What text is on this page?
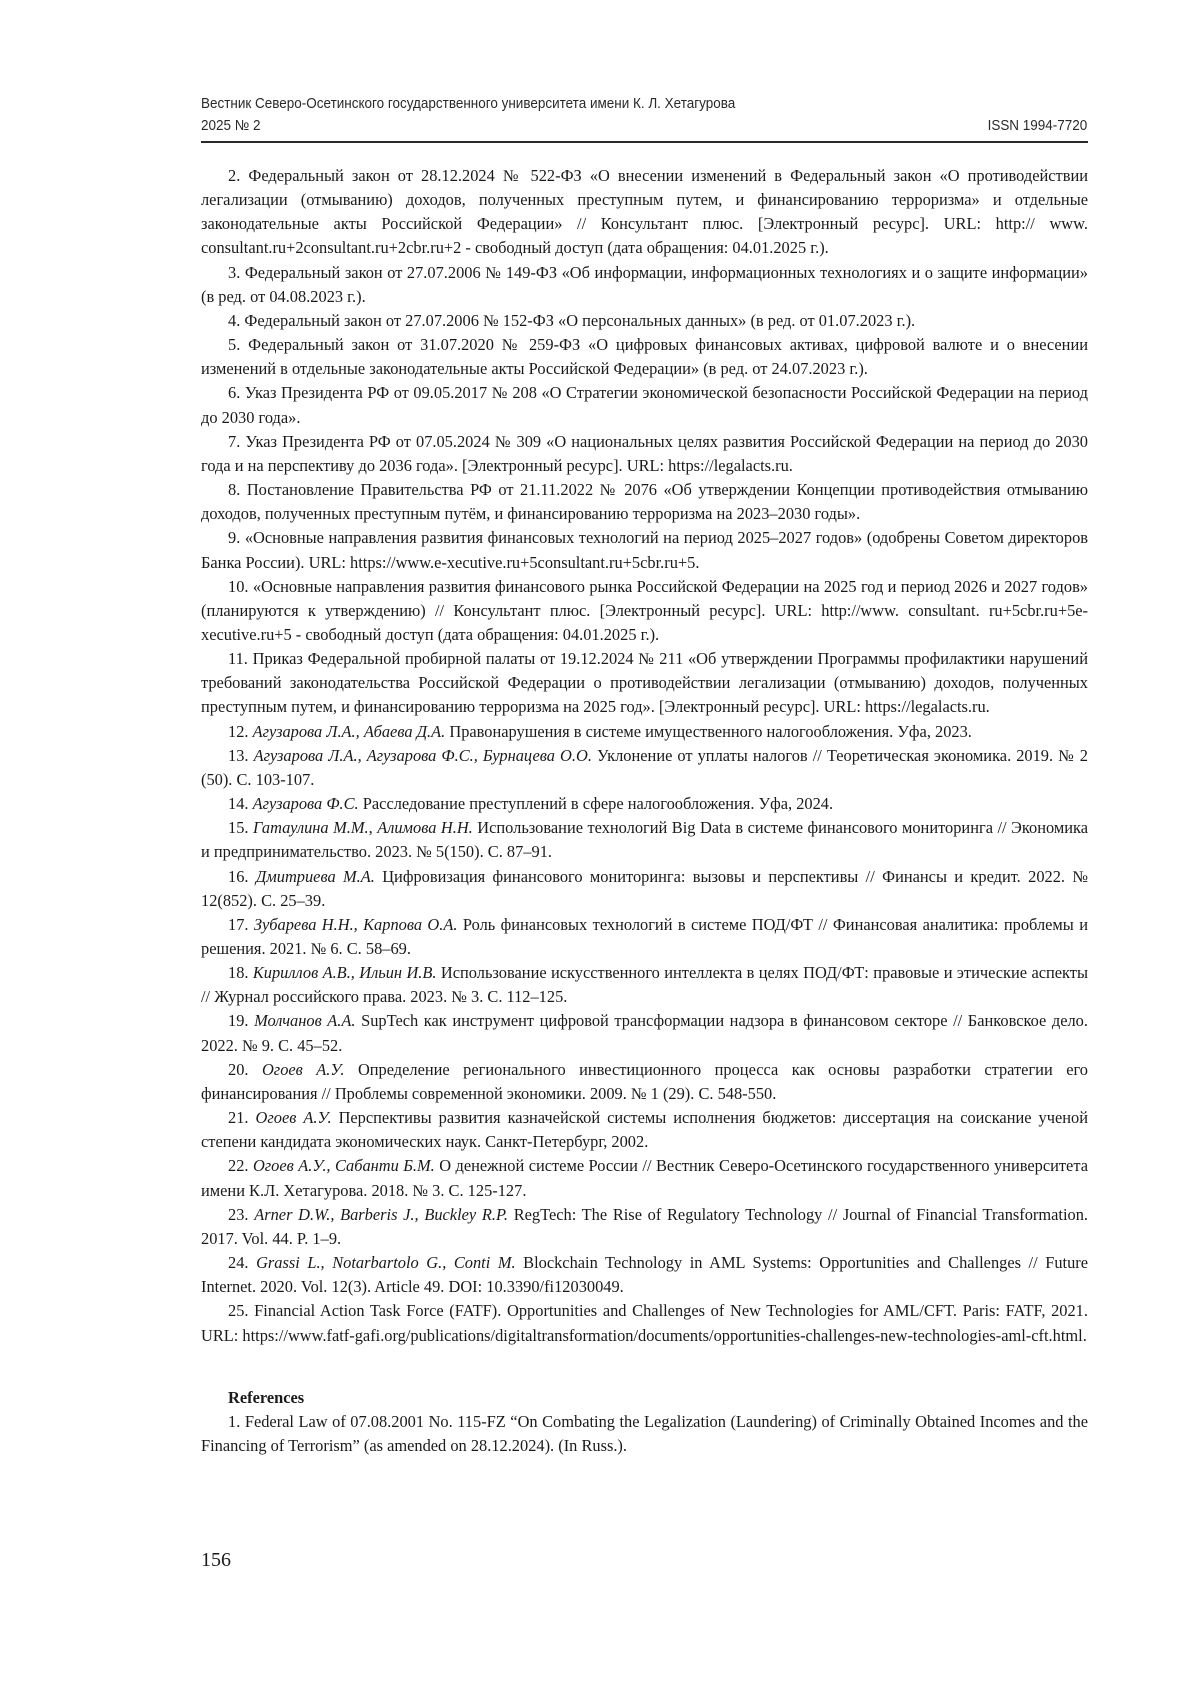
Вестник Северо-Осетинского государственного университета имени К. Л. Хетагурова
2025 № 2	ISSN 1994-7720

2. Федеральный закон от 28.12.2024 № 522-ФЗ «О внесении изменений в Федеральный закон «О противодействии легализации (отмыванию) доходов, полученных преступным путем, и финансированию терроризма» и отдельные законодательные акты Российской Федерации» // Консультант плюс. [Электронный ресурс]. URL: http:// www. consultant.ru+2consultant.ru+2cbr.ru+2 - свободный доступ (дата обращения: 04.01.2025 г.).

3. Федеральный закон от 27.07.2006 № 149-ФЗ «Об информации, информационных технологиях и о защите информации» (в ред. от 04.08.2023 г.).

4. Федеральный закон от 27.07.2006 № 152-ФЗ «О персональных данных» (в ред. от 01.07.2023 г.).

5. Федеральный закон от 31.07.2020 № 259-ФЗ «О цифровых финансовых активах, цифровой валюте и о внесении изменений в отдельные законодательные акты Российской Федерации» (в ред. от 24.07.2023 г.).

6. Указ Президента РФ от 09.05.2017 № 208 «О Стратегии экономической безопасности Российской Федерации на период до 2030 года».

7. Указ Президента РФ от 07.05.2024 № 309 «О национальных целях развития Российской Федерации на период до 2030 года и на перспективу до 2036 года». [Электронный ресурс]. URL: https://legalacts.ru.

8. Постановление Правительства РФ от 21.11.2022 № 2076 «Об утверждении Концепции противодействия отмыванию доходов, полученных преступным путём, и финансированию терроризма на 2023–2030 годы».

9. «Основные направления развития финансовых технологий на период 2025–2027 годов» (одобрены Советом директоров Банка России). URL: https://www.e-xecutive.ru+5consultant.ru+5cbr.ru+5.

10. «Основные направления развития финансового рынка Российской Федерации на 2025 год и период 2026 и 2027 годов» (планируются к утверждению) // Консультант плюс. [Электронный ресурс]. URL: http://www. consultant. ru+5cbr.ru+5e-xecutive.ru+5 - свободный доступ (дата обращения: 04.01.2025 г.).

11. Приказ Федеральной пробирной палаты от 19.12.2024 № 211 «Об утверждении Программы профилактики нарушений требований законодательства Российской Федерации о противодействии легализации (отмыванию) доходов, полученных преступным путем, и финансированию терроризма на 2025 год». [Электронный ресурс]. URL: https://legalacts.ru.

12. Агузарова Л.А., Абаева Д.А. Правонарушения в системе имущественного налогообложения. Уфа, 2023.

13. Агузарова Л.А., Агузарова Ф.С., Бурнацева О.О. Уклонение от уплаты налогов // Теоретическая экономика. 2019. № 2 (50). С. 103-107.

14. Агузарова Ф.С. Расследование преступлений в сфере налогообложения. Уфа, 2024.

15. Гатаулина М.М., Алимова Н.Н. Использование технологий Big Data в системе финансового мониторинга // Экономика и предпринимательство. 2023. № 5(150). С. 87–91.

16. Дмитриева М.А. Цифровизация финансового мониторинга: вызовы и перспективы // Финансы и кредит. 2022. № 12(852). С. 25–39.

17. Зубарева Н.Н., Карпова О.А. Роль финансовых технологий в системе ПОД/ФТ // Финансовая аналитика: проблемы и решения. 2021. № 6. С. 58–69.

18. Кириллов А.В., Ильин И.В. Использование искусственного интеллекта в целях ПОД/ФТ: правовые и этические аспекты // Журнал российского права. 2023. № 3. С. 112–125.

19. Молчанов А.А. SupTech как инструмент цифровой трансформации надзора в финансовом секторе // Банковское дело. 2022. № 9. С. 45–52.

20. Огоев А.У. Определение регионального инвестиционного процесса как основы разработки стратегии его финансирования // Проблемы современной экономики. 2009. № 1 (29). С. 548-550.

21. Огоев А.У. Перспективы развития казначейской системы исполнения бюджетов: диссертация на соискание ученой степени кандидата экономических наук. Санкт-Петербург, 2002.

22. Огоев А.У., Сабанти Б.М. О денежной системе России // Вестник Северо-Осетинского государственного университета имени К.Л. Хетагурова. 2018. № 3. С. 125-127.

23. Arner D.W., Barberis J., Buckley R.P. RegTech: The Rise of Regulatory Technology // Journal of Financial Transformation. 2017. Vol. 44. P. 1–9.

24. Grassi L., Notarbartolo G., Conti M. Blockchain Technology in AML Systems: Opportunities and Challenges // Future Internet. 2020. Vol. 12(3). Article 49. DOI: 10.3390/fi12030049.

25. Financial Action Task Force (FATF). Opportunities and Challenges of New Technologies for AML/CFT. Paris: FATF, 2021. URL: https://www.fatf-gafi.org/publications/digitaltransformation/documents/opportunities-challenges-new-technologies-aml-cft.html.

References

1. Federal Law of 07.08.2001 No. 115-FZ “On Combating the Legalization (Laundering) of Criminally Obtained Incomes and the Financing of Terrorism” (as amended on 28.12.2024). (In Russ.).

156
